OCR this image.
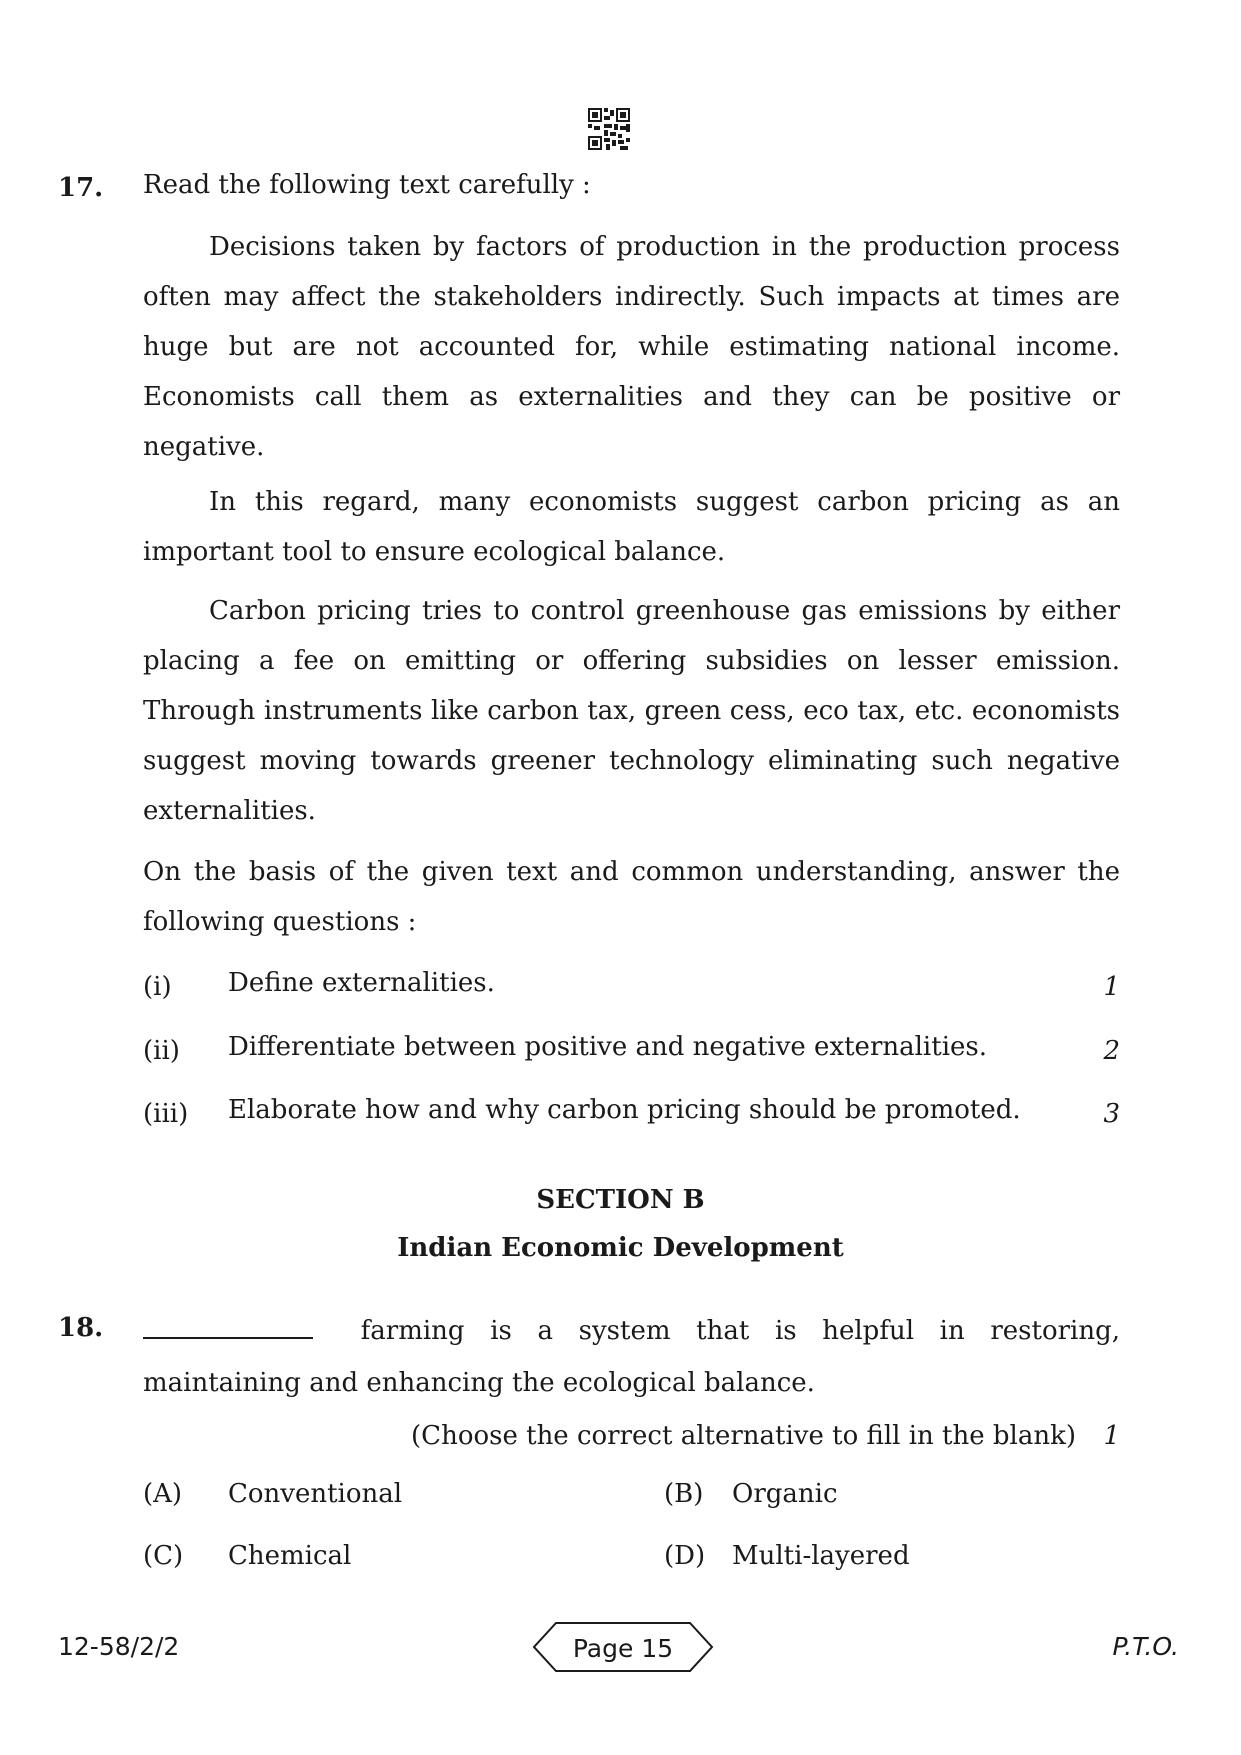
17. Read the following text carefully :
Decisions taken by factors of production in the production process often may affect the stakeholders indirectly. Such impacts at times are huge but are not accounted for, while estimating national income. Economists call them as externalities and they can be positive or negative.
In this regard, many economists suggest carbon pricing as an important tool to ensure ecological balance.
Carbon pricing tries to control greenhouse gas emissions by either placing a fee on emitting or offering subsidies on lesser emission. Through instruments like carbon tax, green cess, eco tax, etc. economists suggest moving towards greener technology eliminating such negative externalities.
On the basis of the given text and common understanding, answer the following questions :
(i) Define externalities.	1
(ii) Differentiate between positive and negative externalities.	2
(iii) Elaborate how and why carbon pricing should be promoted.	3
SECTION B
Indian Economic Development
18.	farming is a system that is helpful in restoring, maintaining and enhancing the ecological balance.
(Choose the correct alternative to fill in the blank) 1
(A) Conventional	(B) Organic
(C) Chemical	(D) Multi-layered
12-58/2/2	Page 15	P.T.O.
